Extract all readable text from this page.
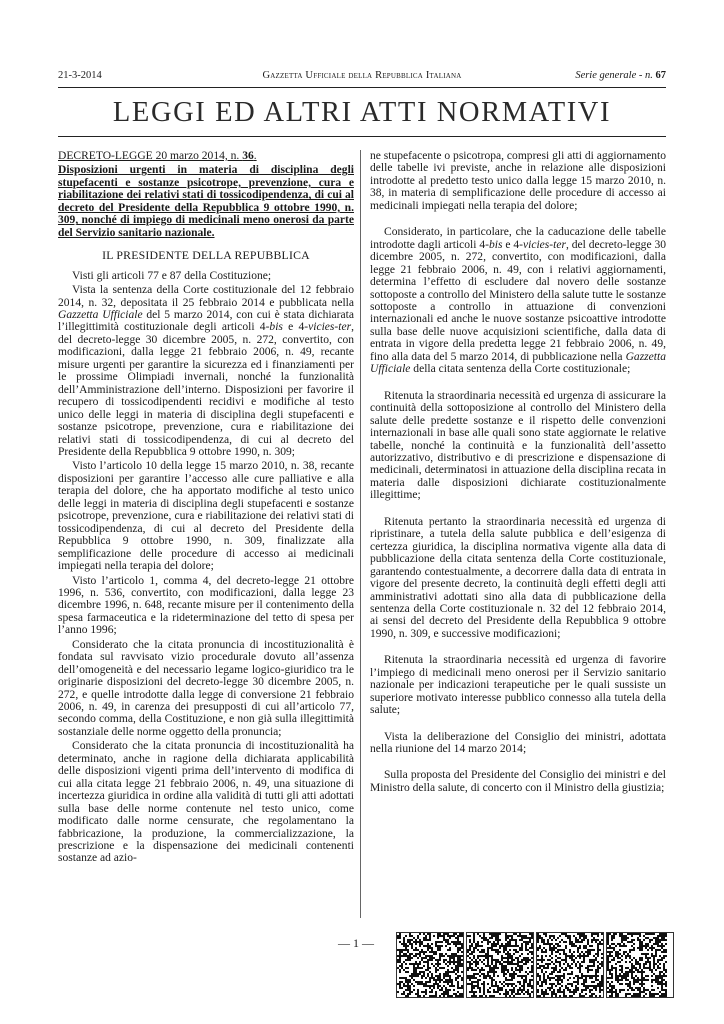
21-3-2014	Gazzetta Ufficiale della Repubblica Italiana	Serie generale - n. 67
LEGGI ED ALTRI ATTI NORMATIVI

DECRETO-LEGGE 20 marzo 2014, n. 36.

Disposizioni urgenti in materia di disciplina degli stupefacenti e sostanze psicotrope, prevenzione, cura e riabilitazione dei relativi stati di tossicodipendenza, di cui al decreto del Presidente della Repubblica 9 ottobre 1990, n. 309, nonché di impiego di medicinali meno onerosi da parte del Servizio sanitario nazionale.

IL PRESIDENTE DELLA REPUBBLICA

Visti gli articoli 77 e 87 della Costituzione;

Vista la sentenza della Corte costituzionale del 12 febbraio 2014, n. 32, depositata il 25 febbraio 2014 e pubblicata nella Gazzetta Ufficiale del 5 marzo 2014, con cui è stata dichiarata l’illegittimità costituzionale degli articoli 4-bis e 4-vicies-ter, del decreto-legge 30 dicembre 2005, n. 272, convertito, con modificazioni, dalla legge 21 febbraio 2006, n. 49, recante misure urgenti per garantire la sicurezza ed i finanziamenti per le prossime Olimpiadi invernali, nonché la funzionalità dell’Amministrazione dell’interno. Disposizioni per favorire il recupero di tossicodipendenti recidivi e modifiche al testo unico delle leggi in materia di disciplina degli stupefacenti e sostanze psicotrope, prevenzione, cura e riabilitazione dei relativi stati di tossicodipendenza, di cui al decreto del Presidente della Repubblica 9 ottobre 1990, n. 309;

Visto l’articolo 10 della legge 15 marzo 2010, n. 38, recante disposizioni per garantire l’accesso alle cure palliative e alla terapia del dolore, che ha apportato modifiche al testo unico delle leggi in materia di disciplina degli stupefacenti e sostanze psicotrope, prevenzione, cura e riabilitazione dei relativi stati di tossicodipendenza, di cui al decreto del Presidente della Repubblica 9 ottobre 1990, n. 309, finalizzate alla semplificazione delle procedure di accesso ai medicinali impiegati nella terapia del dolore;

Visto l’articolo 1, comma 4, del decreto-legge 21 ottobre 1996, n. 536, convertito, con modificazioni, dalla legge 23 dicembre 1996, n. 648, recante misure per il contenimento della spesa farmaceutica e la rideterminazione del tetto di spesa per l’anno 1996;

Considerato che la citata pronuncia di incostituzionalità è fondata sul ravvisato vizio procedurale dovuto all’assenza dell’omogeneità e del necessario legame logico-giuridico tra le originarie disposizioni del decreto-legge 30 dicembre 2005, n. 272, e quelle introdotte dalla legge di conversione 21 febbraio 2006, n. 49, in carenza dei presupposti di cui all’articolo 77, secondo comma, della Costituzione, e non già sulla illegittimità sostanziale delle norme oggetto della pronuncia;

Considerato che la citata pronuncia di incostituzionalità ha determinato, anche in ragione della dichiarata applicabilità delle disposizioni vigenti prima dell’intervento di modifica di cui alla citata legge 21 febbraio 2006, n. 49, una situazione di incertezza giuridica in ordine alla validità di tutti gli atti adottati sulla base delle norme contenute nel testo unico, come modificato dalle norme censurate, che regolamentano la fabbricazione, la produzione, la commercializzazione, la prescrizione e la dispensazione dei medicinali contenenti sostanze ad azio-

ne stupefacente o psicotropa, compresi gli atti di aggiornamento delle tabelle ivi previste, anche in relazione alle disposizioni introdotte al predetto testo unico dalla legge 15 marzo 2010, n. 38, in materia di semplificazione delle procedure di accesso ai medicinali impiegati nella terapia del dolore;

Considerato, in particolare, che la caducazione delle tabelle introdotte dagli articoli 4-bis e 4-vicies-ter, del decreto-legge 30 dicembre 2005, n. 272, convertito, con modificazioni, dalla legge 21 febbraio 2006, n. 49, con i relativi aggiornamenti, determina l’effetto di escludere dal novero delle sostanze sottoposte a controllo del Ministero della salute tutte le sostanze sottoposte a controllo in attuazione di convenzioni internazionali ed anche le nuove sostanze psicoattive introdotte sulla base delle nuove acquisizioni scientifiche, dalla data di entrata in vigore della predetta legge 21 febbraio 2006, n. 49, fino alla data del 5 marzo 2014, di pubblicazione nella Gazzetta Ufficiale della citata sentenza della Corte costituzionale;

Ritenuta la straordinaria necessità ed urgenza di assicurare la continuità della sottoposizione al controllo del Ministero della salute delle predette sostanze e il rispetto delle convenzioni internazionali in base alle quali sono state aggiornate le relative tabelle, nonché la continuità e la funzionalità dell’assetto autorizzativo, distributivo e di prescrizione e dispensazione di medicinali, determinatosi in attuazione della disciplina recata in materia dalle disposizioni dichiarate costituzionalmente illegittime;

Ritenuta pertanto la straordinaria necessità ed urgenza di ripristinare, a tutela della salute pubblica e dell’esigenza di certezza giuridica, la disciplina normativa vigente alla data di pubblicazione della citata sentenza della Corte costituzionale, garantendo contestualmente, a decorrere dalla data di entrata in vigore del presente decreto, la continuità degli effetti degli atti amministrativi adottati sino alla data di pubblicazione della sentenza della Corte costituzionale n. 32 del 12 febbraio 2014, ai sensi del decreto del Presidente della Repubblica 9 ottobre 1990, n. 309, e successive modificazioni;

Ritenuta la straordinaria necessità ed urgenza di favorire l’impiego di medicinali meno onerosi per il Servizio sanitario nazionale per indicazioni terapeutiche per le quali sussiste un superiore motivato interesse pubblico connesso alla tutela della salute;

Vista la deliberazione del Consiglio dei ministri, adottata nella riunione del 14 marzo 2014;

Sulla proposta del Presidente del Consiglio dei ministri e del Ministro della salute, di concerto con il Ministro della giustizia;

— 1 —
